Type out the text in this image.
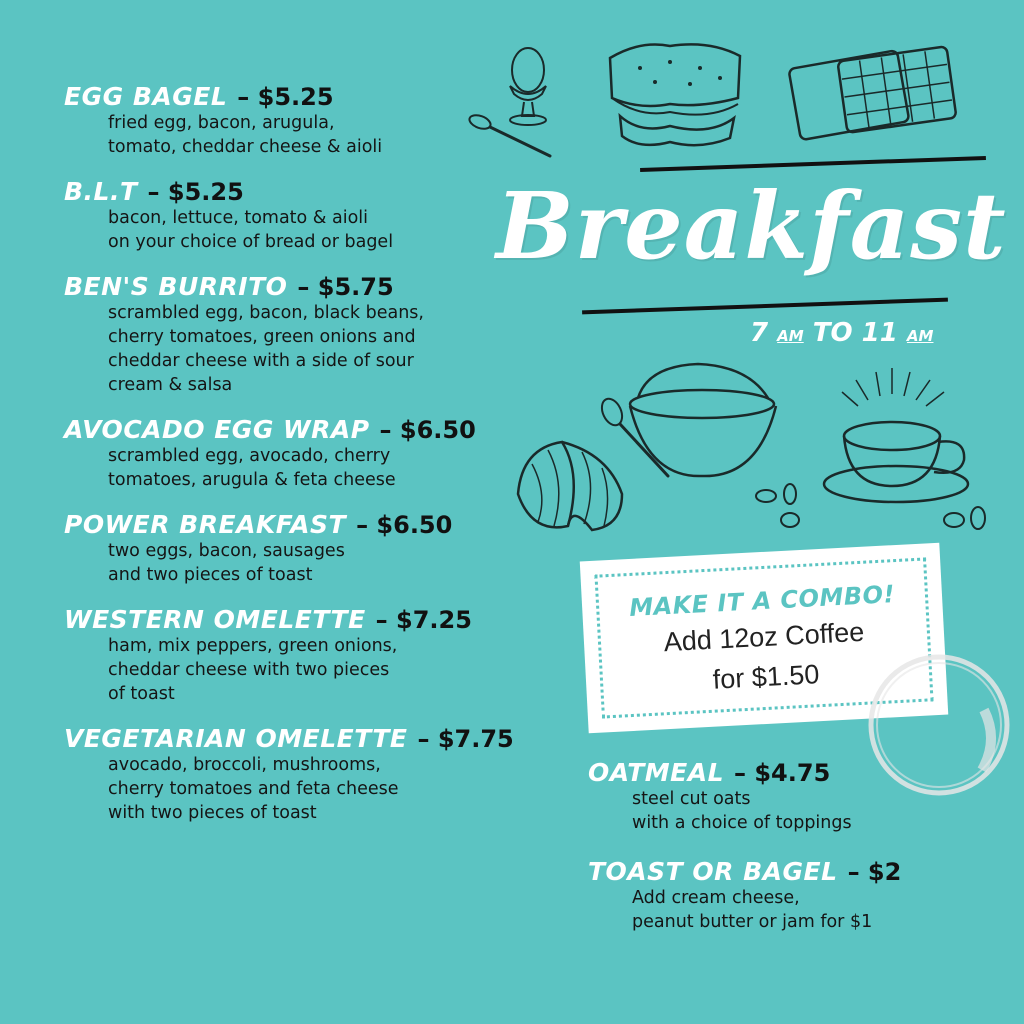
EGG BAGEL – $5.25
fried egg, bacon, arugula,
tomato, cheddar cheese & aioli
B.L.T – $5.25
bacon, lettuce, tomato & aioli
on your choice of bread or bagel
BEN'S BURRITO – $5.75
scrambled egg, bacon, black beans,
cherry tomatoes, green onions and
cheddar cheese with a side of sour
cream & salsa
AVOCADO EGG WRAP – $6.50
scrambled egg, avocado, cherry
tomatoes, arugula & feta cheese
POWER BREAKFAST – $6.50
two eggs, bacon, sausages
and two pieces of toast
WESTERN OMELETTE – $7.25
ham, mix peppers, green onions,
cheddar cheese with two pieces
of toast
VEGETARIAN OMELETTE – $7.75
avocado, broccoli, mushrooms,
cherry tomatoes and feta cheese
with two pieces of toast
Breakfast
7 AM TO 11 AM
MAKE IT A COMBO!
Add 12oz Coffee
for $1.50
OATMEAL – $4.75
steel cut oats
with a choice of toppings
TOAST OR BAGEL – $2
Add cream cheese,
peanut butter or jam for $1
